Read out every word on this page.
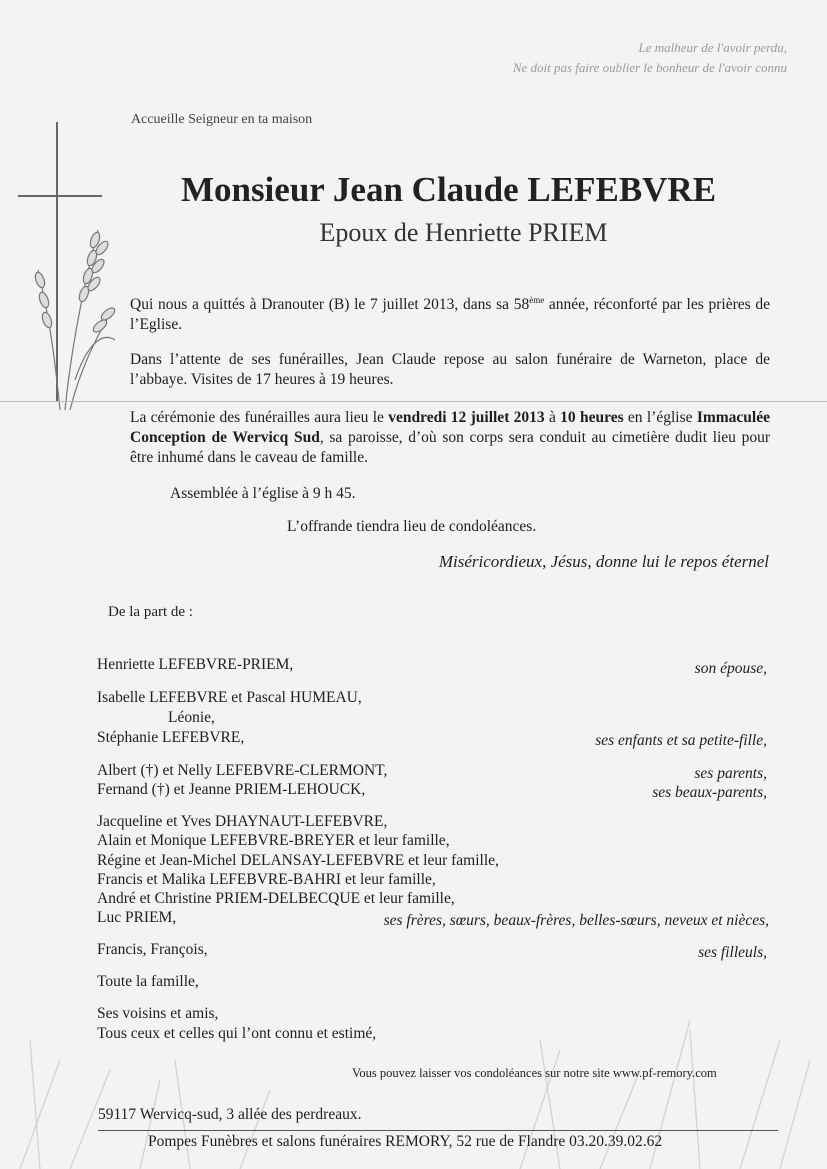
Le malheur de l'avoir perdu,
Ne doit pas faire oublier le bonheur de l'avoir connu
Accueille Seigneur en ta maison
Monsieur Jean Claude LEFEBVRE
Epoux de Henriette PRIEM
Qui nous a quittés à Dranouter (B) le 7 juillet 2013, dans sa 58ème année, réconforté par les prières de l’Eglise.
Dans l’attente de ses funérailles, Jean Claude repose au salon funéraire de Warneton, place de l’abbaye. Visites de 17 heures à 19 heures.
La cérémonie des funérailles aura lieu le vendredi 12 juillet 2013 à 10 heures en l’église Immaculée Conception de Wervicq Sud, sa paroisse, d’où son corps sera conduit au cimetière dudit lieu pour être inhumé dans le caveau de famille.
Assemblée à l’église à 9 h 45.
L’offrande tiendra lieu de condoléances.
Miséricordieux, Jésus, donne lui le repos éternel
De la part de :
Henriette LEFEBVRE-PRIEM,	son épouse,
Isabelle LEFEBVRE et Pascal HUMEAU,
Léonie,
Stéphanie LEFEBVRE,	ses enfants et sa petite-fille,
Albert (†) et Nelly LEFEBVRE-CLERMONT,	ses parents,
Fernand (†) et Jeanne PRIEM-LEHOUCK,	ses beaux-parents,
Jacqueline et Yves DHAYNAUT-LEFEBVRE,
Alain et Monique LEFEBVRE-BREYER et leur famille,
Régine et Jean-Michel DELANSAY-LEFEBVRE et leur famille,
Francis et Malika LEFEBVRE-BAHRI et leur famille,
André et Christine PRIEM-DELBECQUE et leur famille,
Luc PRIEM,	ses frères, sœurs, beaux-frères, belles-sœurs, neveux et nièces,
Francis, François,	ses filleuls,
Toute la famille,
Ses voisins et amis,
Tous ceux et celles qui l’ont connu et estimé,
Vous pouvez laisser vos condoléances sur notre site www.pf-remory.com
59117 Wervicq-sud, 3 allée des perdreaux.
Pompes Funèbres et salons funéraires REMORY, 52 rue de Flandre 03.20.39.02.62
